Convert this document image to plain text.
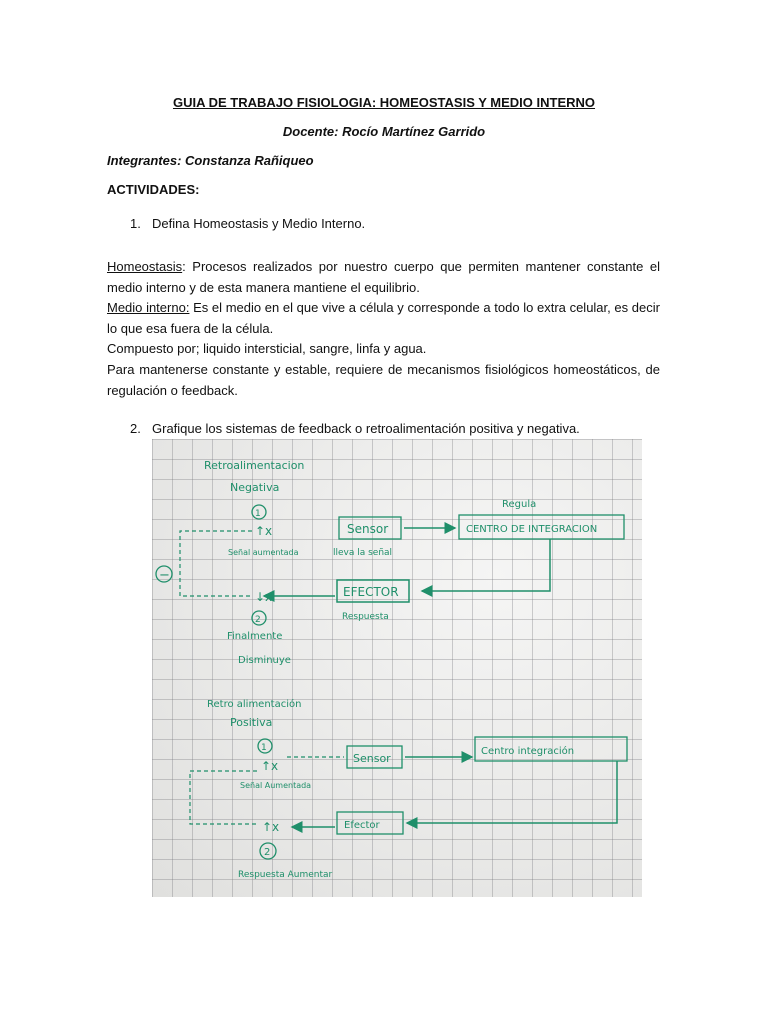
GUIA DE TRABAJO FISIOLOGIA: HOMEOSTASIS Y MEDIO INTERNO
Docente: Rocío Martínez Garrido
Integrantes: Constanza Rañiqueo
ACTIVIDADES:
1. Defina Homeostasis y Medio Interno.

Homeostasis: Procesos realizados por nuestro cuerpo que permiten mantener constante el medio interno y de esta manera mantiene el equilibrio.

Medio interno: Es el medio en el que vive a célula y corresponde a todo lo extra celular, es decir lo que esa fuera de la célula.

Compuesto por; liquido intersticial, sangre, linfa y agua.

Para mantenerse constante y estable, requiere de mecanismos fisiológicos homeostáticos, de regulación o feedback.

2. Grafique los sistemas de feedback o retroalimentación positiva y negativa.
Retroalimentacion
Negativa
1
↑x	Sensor
Regula
CENTRO DE INTEGRACION
Señal aumentada	lleva la señal
−
EFECTOR
↓x
Respuesta
2
Finalmente
Disminuye
Retro alimentación
Positiva
1
↑x
Sensor
Centro integración
Señal Aumentada
Efector
↑x
2
Respuesta Aumentar
